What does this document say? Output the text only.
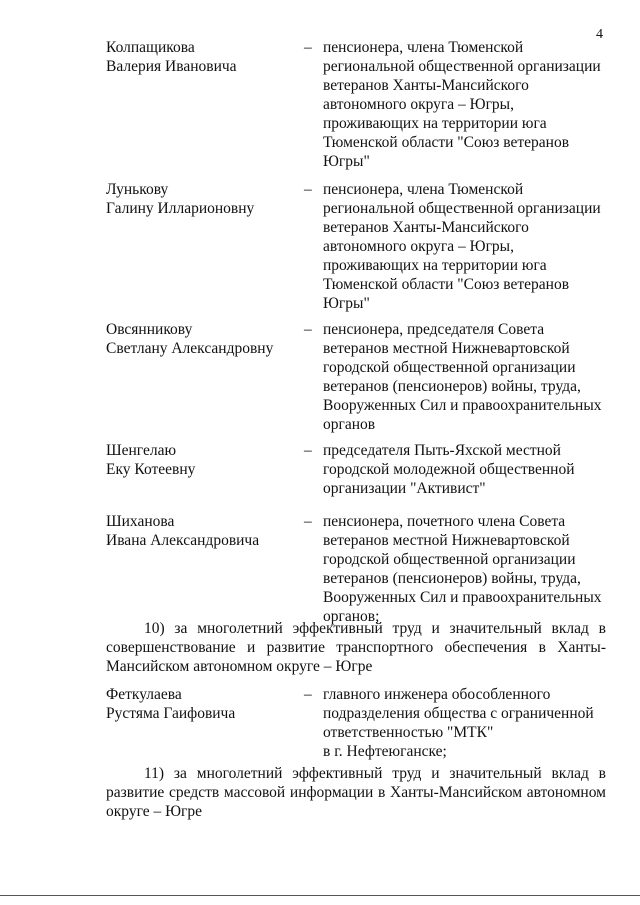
4
Колпащикова
Валерия Ивановича
– пенсионера, члена Тюменской
региональной общественной организации
ветеранов Ханты-Мансийского
автономного округа – Югры,
проживающих на территории юга
Тюменской области "Союз ветеранов
Югры"
Лунькову
Галину Илларионовну
– пенсионера, члена Тюменской
региональной общественной организации
ветеранов Ханты-Мансийского
автономного округа – Югры,
проживающих на территории юга
Тюменской области "Союз ветеранов
Югры"
Овсянникову
Светлану Александровну
– пенсионера, председателя Совета
ветеранов местной Нижневартовской
городской общественной организации
ветеранов (пенсионеров) войны, труда,
Вооруженных Сил и правоохранительных
органов
Шенгелаю
Еку Котеевну
– председателя Пыть-Яхской местной
городской молодежной общественной
организации "Активист"
Шиханова
Ивана Александровича
– пенсионера, почетного члена Совета
ветеранов местной Нижневартовской
городской общественной организации
ветеранов (пенсионеров) войны, труда,
Вооруженных Сил и правоохранительных
органов;

10) за многолетний эффективный труд и значительный вклад в совершенствование и развитие транспортного обеспечения в Ханты-Мансийском автономном округе – Югре

Феткулаева
Рустяма Гаифовича
– главного инженера обособленного
подразделения общества с ограниченной
ответственностью "МТК"
в г. Нефтеюганске;

11) за многолетний эффективный труд и значительный вклад в развитие средств массовой информации в Ханты-Мансийском автономном округе – Югре
